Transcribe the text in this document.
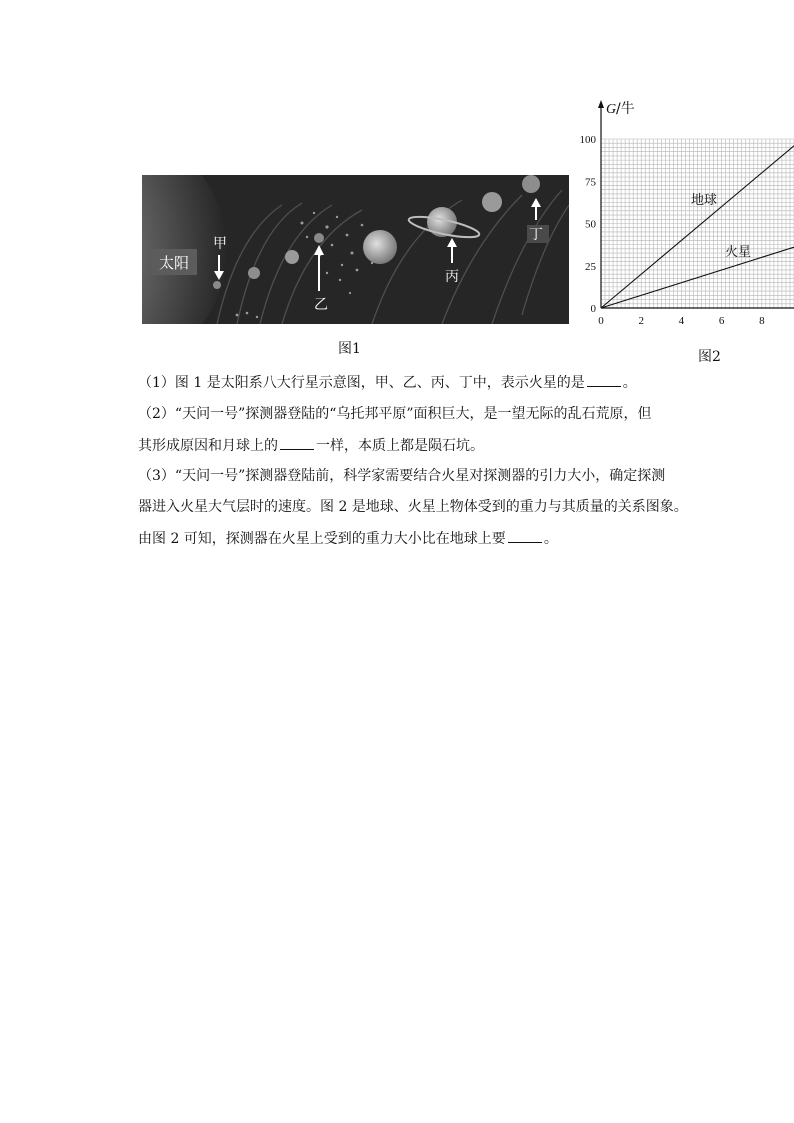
太阳
甲
乙
丙
丁
图1
G /牛
0
25
50
75
100
0	2	4	6	8
地球
火星
图2
（1）图 1 是太阳系八大行星示意图，甲、乙、丙、丁中，表示火星的是	。
（2）“天问一号”探测器登陆的“乌托邦平原”面积巨大，是一望无际的乱石荒原，但
其形成原因和月球上的	一样，本质上都是陨石坑。
（3）“天问一号”探测器登陆前，科学家需要结合火星对探测器的引力大小，确定探测
器进入火星大气层时的速度。图 2 是地球、火星上物体受到的重力与其质量的关系图象。
由图 2 可知，探测器在火星上受到的重力大小比在地球上要	。
